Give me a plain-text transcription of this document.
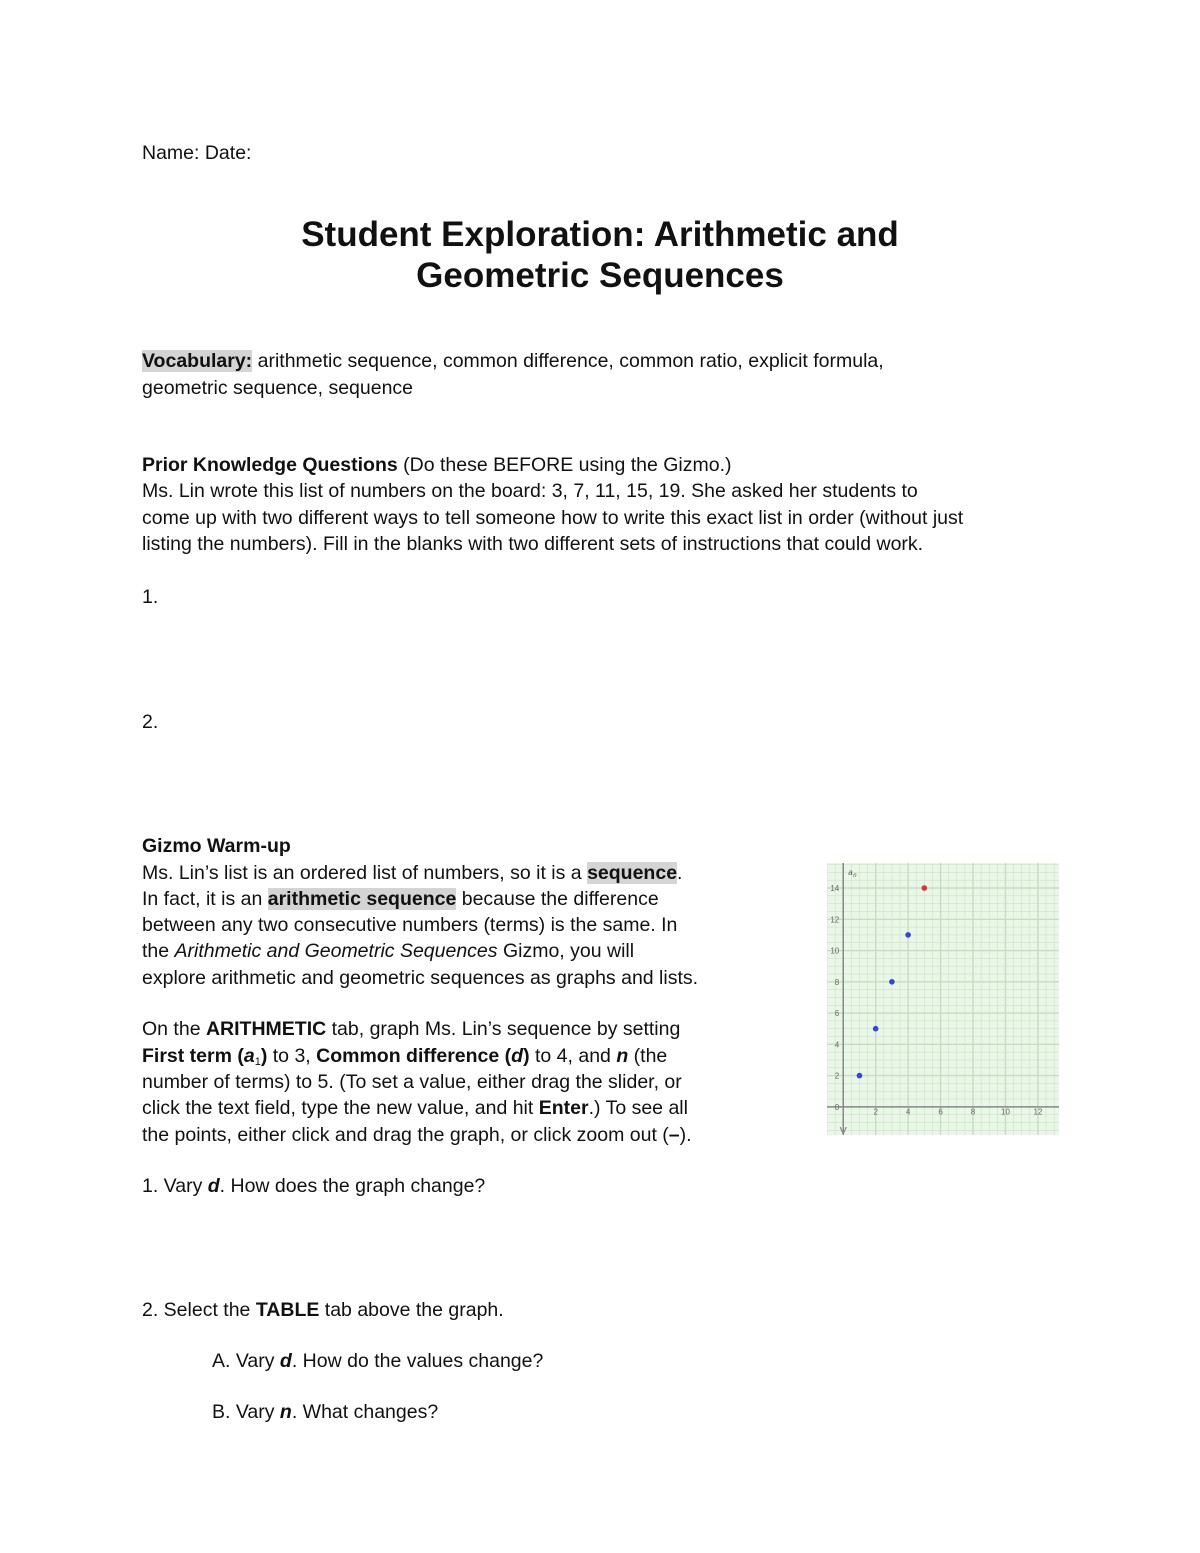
Name: Date:
Student Exploration: Arithmetic and
Geometric Sequences
Vocabulary: arithmetic sequence, common difference, common ratio, explicit formula,
geometric sequence, sequence
Prior Knowledge Questions (Do these BEFORE using the Gizmo.)
Ms. Lin wrote this list of numbers on the board: 3, 7, 11, 15, 19. She asked her students to
come up with two different ways to tell someone how to write this exact list in order (without just
listing the numbers). Fill in the blanks with two different sets of instructions that could work.
1.
2.
Gizmo Warm-up
Ms. Lin’s list is an ordered list of numbers, so it is a sequence.
In fact, it is an arithmetic sequence because the difference
between any two consecutive numbers (terms) is the same. In
the Arithmetic and Geometric Sequences Gizmo, you will
explore arithmetic and geometric sequences as graphs and lists.
On the ARITHMETIC tab, graph Ms. Lin’s sequence by setting
First term $(a_1)$ to 3, Common difference (d) to 4, and n (the
number of terms) to 5. (To set a value, either drag the slider, or
click the text field, type the new value, and hit Enter.) To see all
the points, either click and drag the graph, or click zoom out (–).
1. Vary d. How does the graph change?
2. Select the TABLE tab above the graph.
A. Vary d. How do the values change?
B. Vary n. What changes?
2	4	6	8	10	12
0
2
4
6
8
10
12
14
a n
